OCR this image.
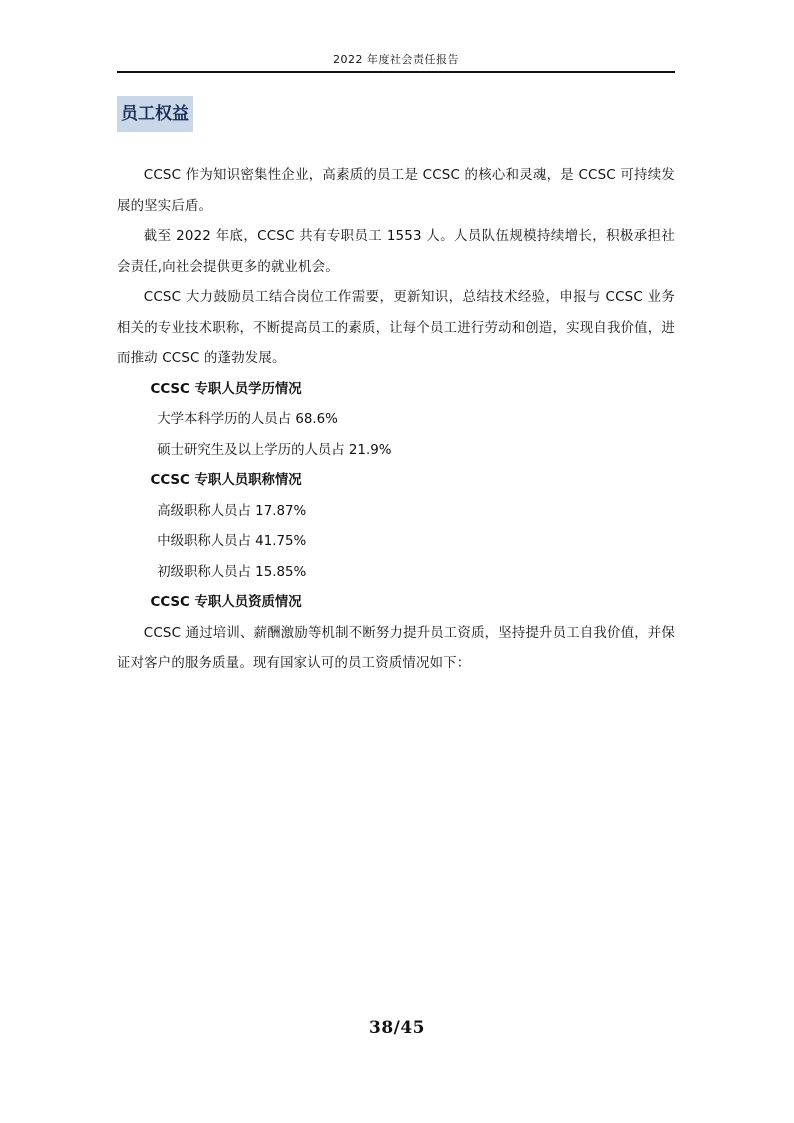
2022 年度社会责任报告
员工权益

CCSC 作为知识密集性企业，高素质的员工是 CCSC 的核心和灵魂，是 CCSC 可持续发展的坚实后盾。

截至 2022 年底，CCSC 共有专职员工 1553 人。人员队伍规模持续增长，积极承担社会责任,向社会提供更多的就业机会。

CCSC 大力鼓励员工结合岗位工作需要，更新知识，总结技术经验，申报与 CCSC 业务相关的专业技术职称，不断提高员工的素质，让每个员工进行劳动和创造，实现自我价值，进而推动 CCSC 的蓬勃发展。

CCSC 专职人员学历情况

大学本科学历的人员占 68.6%

硕士研究生及以上学历的人员占 21.9%

CCSC 专职人员职称情况

高级职称人员占 17.87%

中级职称人员占 41.75%

初级职称人员占 15.85%

CCSC 专职人员资质情况

CCSC 通过培训、薪酬激励等机制不断努力提升员工资质，坚持提升员工自我价值，并保证对客户的服务质量。现有国家认可的员工资质情况如下：

38/45
